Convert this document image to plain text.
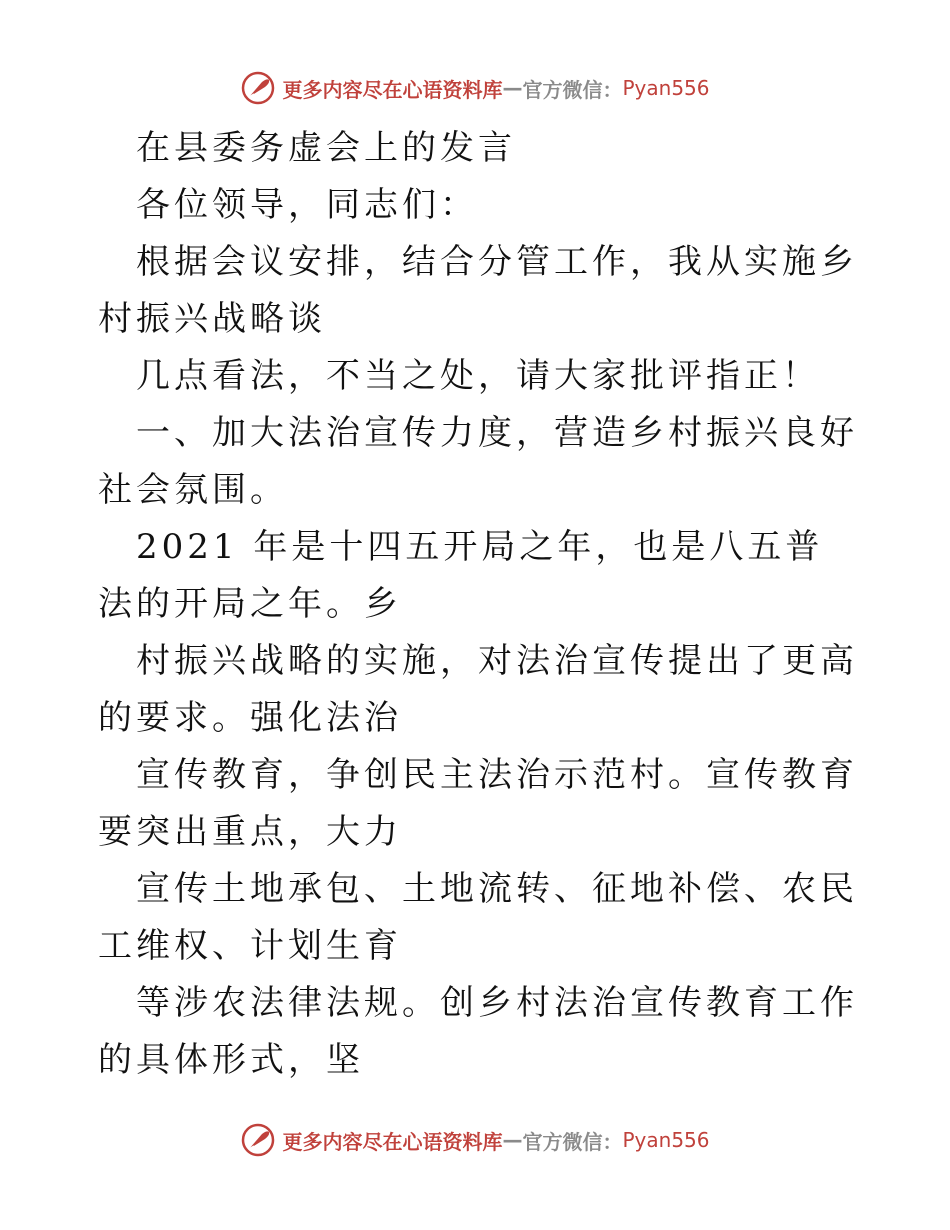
更多内容尽在心语资料库 — 官方微信： Pyan556

在县委务虚会上的发言

各位领导，同志们：

根据会议安排，结合分管工作，我从实施乡村振兴战略谈

几点看法，不当之处，请大家批评指正！

一、加大法治宣传力度，营造乡村振兴良好社会氛围。

2021 年是十四五开局之年，也是八五普法的开局之年。乡

村振兴战略的实施，对法治宣传提出了更高的要求。强化法治

宣传教育，争创民主法治示范村。宣传教育要突出重点，大力

宣传土地承包、土地流转、征地补偿、农民工维权、计划生育

等涉农法律法规。创乡村法治宣传教育工作的具体形式，坚

更多内容尽在心语资料库 — 官方微信： Pyan556
